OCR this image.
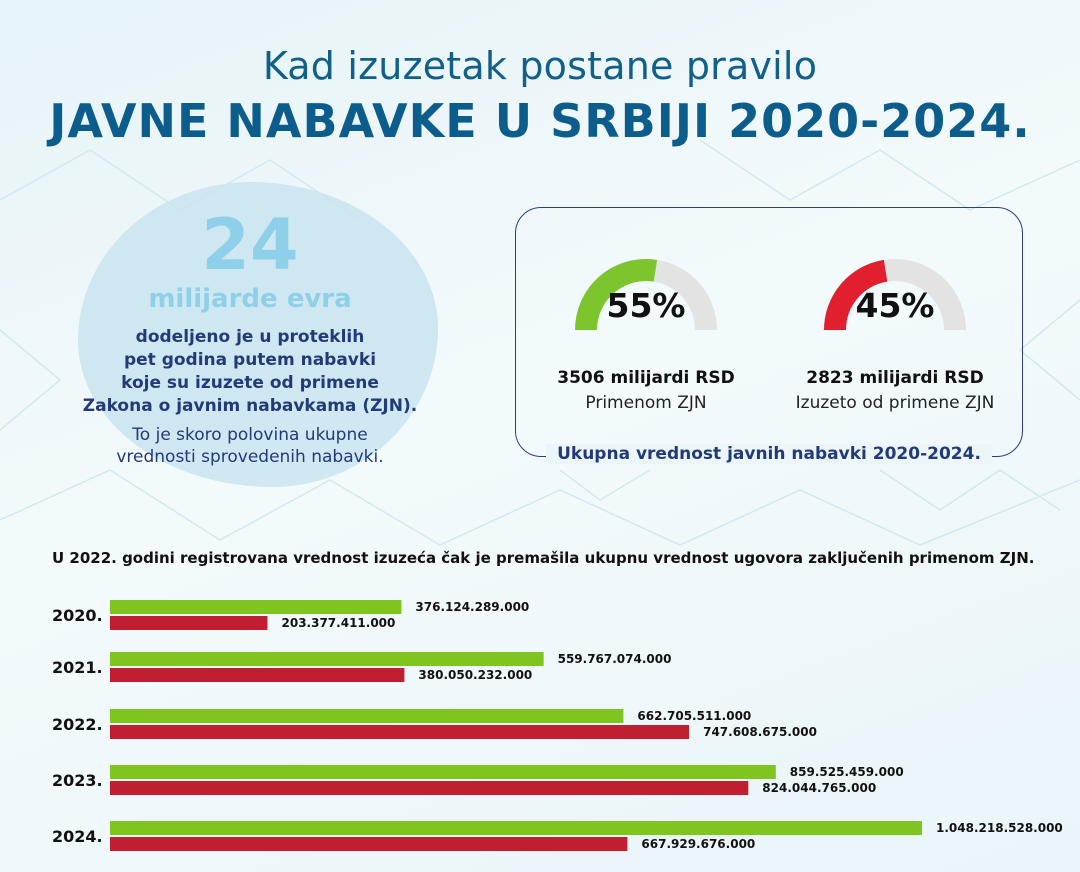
Kad izuzetak postane pravilo
JAVNE NABAVKE U SRBIJI 2020-2024.
24
milijarde evra
dodeljeno je u proteklih
pet godina putem nabavki
koje su izuzete od primene
Zakona o javnim nabavkama (ZJN).
To je skoro polovina ukupne
vrednosti sprovedenih nabavki.	Ukupna vrednost javnih nabavki 2020-2024.
55%
3506 milijardi RSD
Primenom ZJN
45%
2823 milijardi RSD
Izuzeto od primene ZJN
U 2022. godini registrovana vrednost izuzeća čak je premašila ukupnu vrednost ugovora zaključenih primenom ZJN.
2020.	376.124.289.000
203.377.411.000
2021.	559.767.074.000
380.050.232.000
2022.	662.705.511.000
747.608.675.000
2023.	859.525.459.000
824.044.765.000
2024.	1.048.218.528.000
667.929.676.000
